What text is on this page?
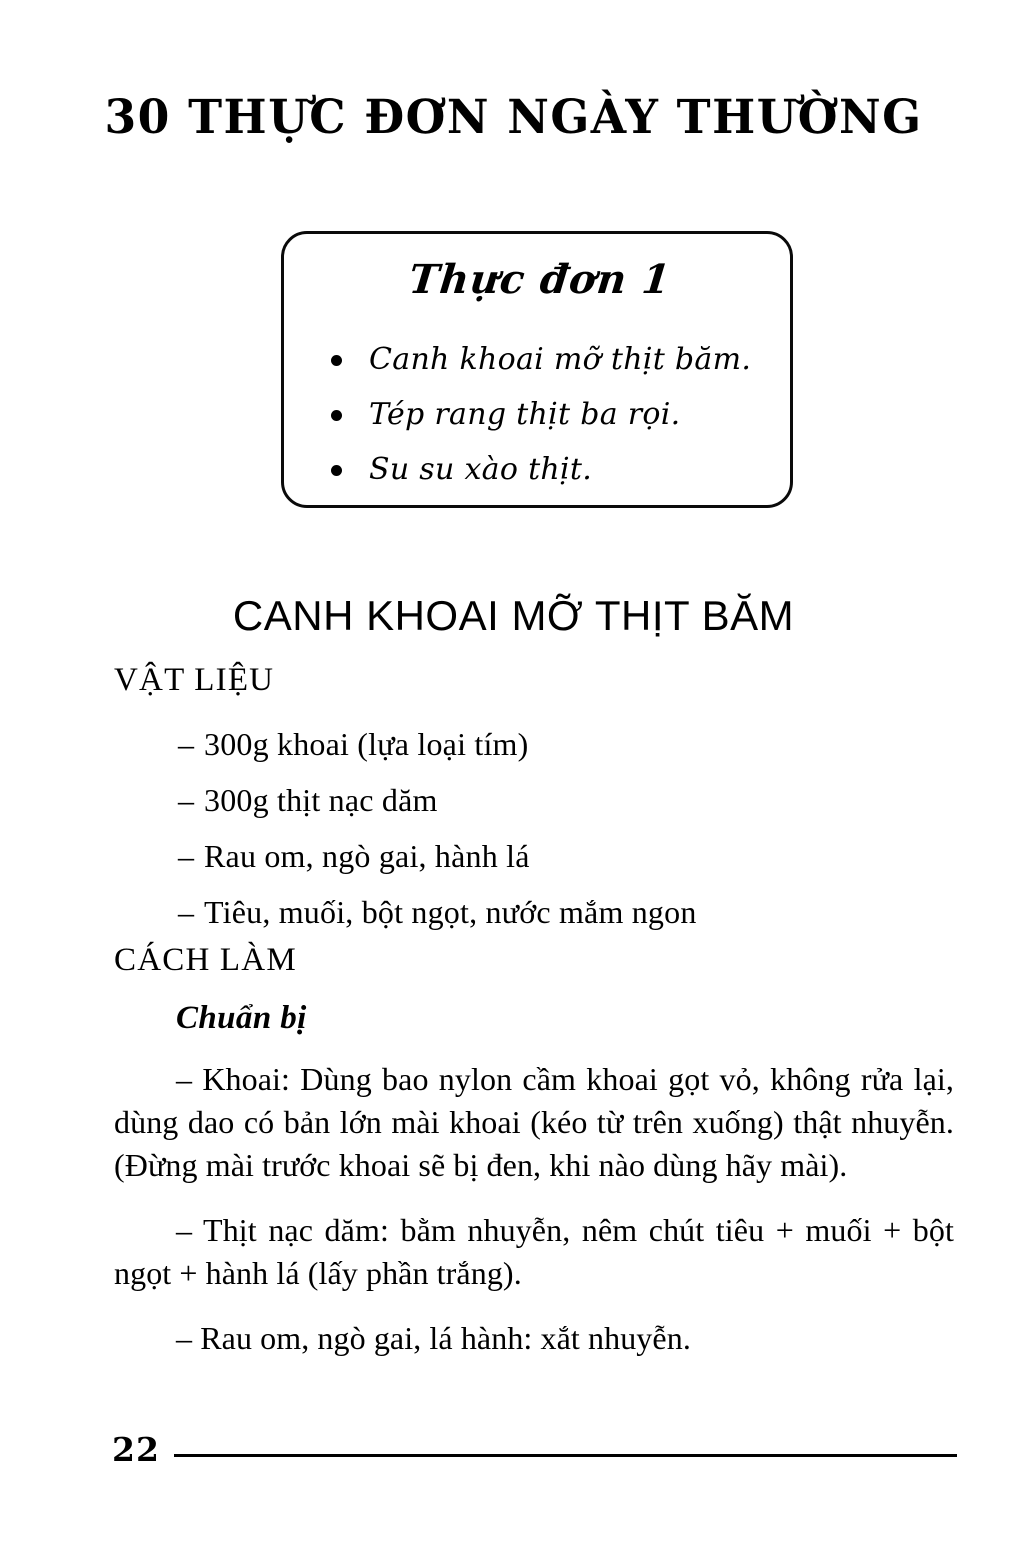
30 THỰC ĐƠN NGÀY THƯỜNG
Thực đơn 1
Canh khoai mỡ thịt băm.
Tép rang thịt ba rọi.
Su su xào thịt.
CANH KHOAI MỠ THỊT BĂM
VẬT LIỆU
– 300g khoai (lựa loại tím)
– 300g thịt nạc dăm
– Rau om, ngò gai, hành lá
– Tiêu, muối, bột ngọt, nước mắm ngon
CÁCH LÀM
Chuẩn bị

– Khoai: Dùng bao nylon cầm khoai gọt vỏ, không rửa lại, dùng dao có bản lớn mài khoai (kéo từ trên xuống) thật nhuyễn. (Đừng mài trước khoai sẽ bị đen, khi nào dùng hãy mài).

– Thịt nạc dăm: bằm nhuyễn, nêm chút tiêu + muối + bột ngọt + hành lá (lấy phần trắng).

– Rau om, ngò gai, lá hành: xắt nhuyễn.

22
